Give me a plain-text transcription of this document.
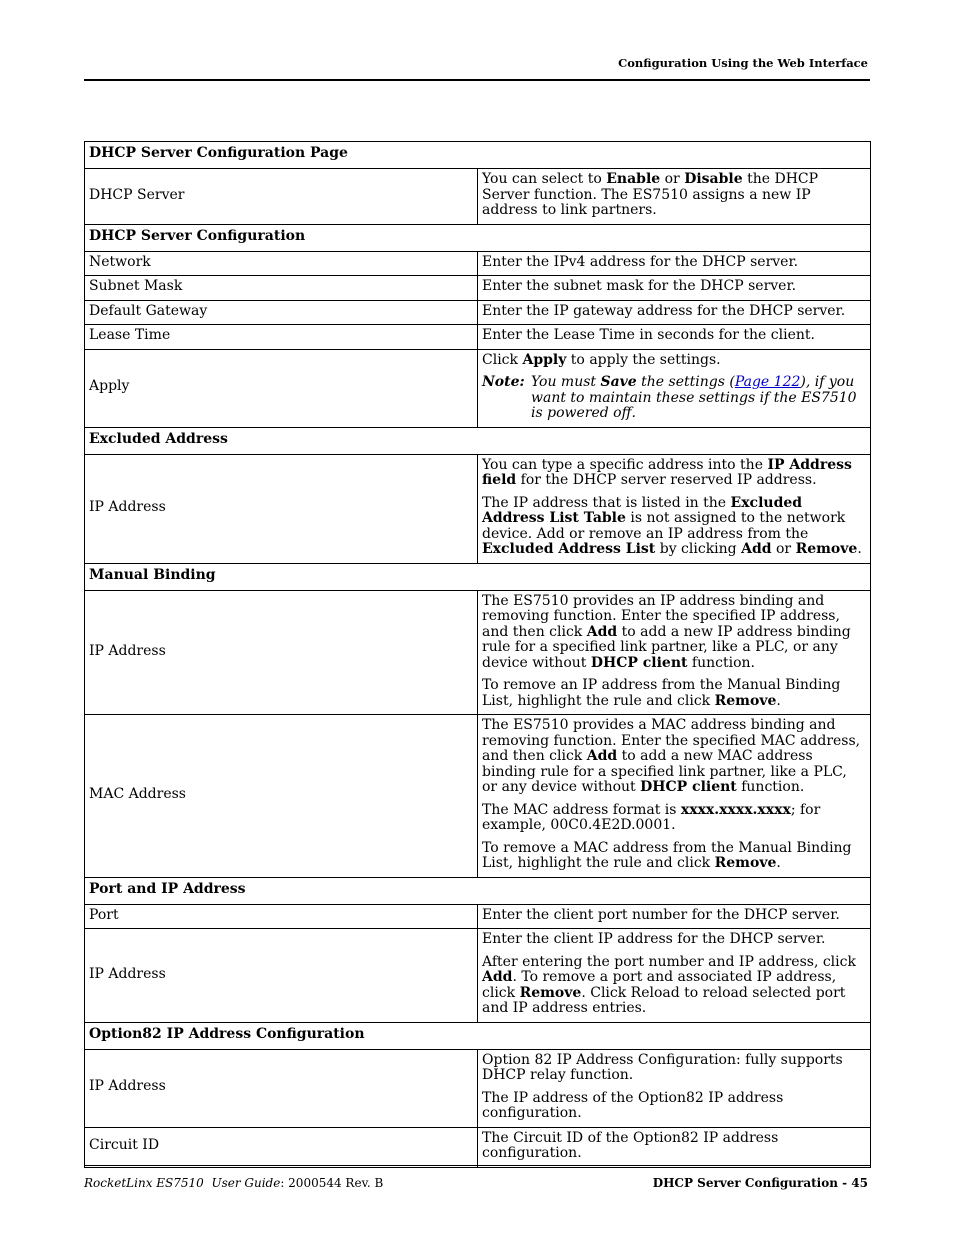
Configuration Using the Web Interface
DHCP Server Configuration Page	
DHCP Server	You can select to Enable or Disable the DHCP Server function. The ES7510 assigns a new IP address to link partners.

DHCP Server Configuration	
Network	Enter the IPv4 address for the DHCP server.
Subnet Mask	Enter the subnet mask for the DHCP server.
Default Gateway	Enter the IP gateway address for the DHCP server.
Lease Time	Enter the Lease Time in seconds for the client.
Apply	Click Apply to apply the settings.

Note: You must Save the settings (Page 122), if you want to maintain these settings if the ES7510 is powered off.

Excluded Address	
IP Address	You can type a specific address into the IP Address field for the DHCP server reserved IP address.

The IP address that is listed in the Excluded Address List Table is not assigned to the network device. Add or remove an IP address from the Excluded Address List by clicking Add or Remove.

Manual Binding	
IP Address	The ES7510 provides an IP address binding and removing function. Enter the specified IP address, and then click Add to add a new IP address binding rule for a specified link partner, like a PLC, or any device without DHCP client function.

To remove an IP address from the Manual Binding List, highlight the rule and click Remove.

MAC Address	The ES7510 provides a MAC address binding and removing function. Enter the specified MAC address, and then click Add to add a new MAC address binding rule for a specified link partner, like a PLC, or any device without DHCP client function.

The MAC address format is xxxx.xxxx.xxxx; for example, 00C0.4E2D.0001.

To remove a MAC address from the Manual Binding List, highlight the rule and click Remove.

Port and IP Address	
Port	Enter the client port number for the DHCP server.
IP Address	Enter the client IP address for the DHCP server.

After entering the port number and IP address, click Add. To remove a port and associated IP address, click Remove. Click Reload to reload selected port and IP address entries.

Option82 IP Address Configuration	
IP Address	Option 82 IP Address Configuration: fully supports DHCP relay function.

The IP address of the Option82 IP address configuration.

Circuit ID	The Circuit ID of the Option82 IP address configuration.
RocketLinx ES7510 User Guide: 2000544 Rev. B	DHCP Server Configuration - 45
